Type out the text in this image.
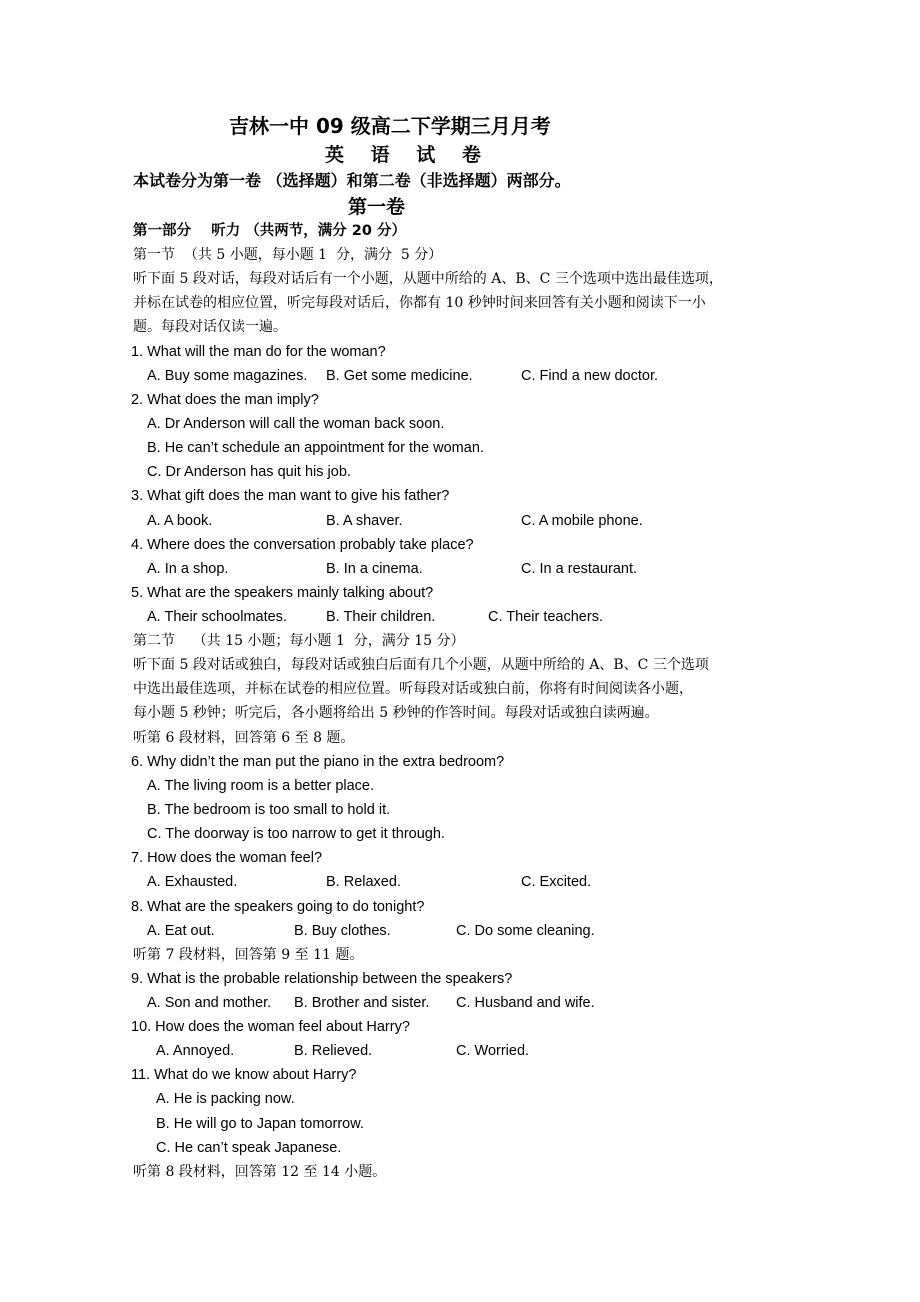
吉林一中 09 级高二下学期三月月考
英 语 试 卷
本试卷分为第一卷 （选择题）和第二卷（非选择题）两部分。
第一卷
第一部分    听力 （共两节，满分 20 分）
第一节  （共 5 小题，每小题 1  分，满分  5 分）
听下面 5 段对话，每段对话后有一个小题，从题中所给的 A、B、C 三个选项中选出最佳选项，
并标在试卷的相应位置，听完每段对话后，你都有 10 秒钟时间来回答有关小题和阅读下一小
题。每段对话仅读一遍。
1. What will the man do for the woman?
A. Buy some magazines. B. Get some medicine.	C. Find a new doctor.
2. What does the man imply?
A. Dr Anderson will call the woman back soon.
B. He can’t schedule an appointment for the woman.
C. Dr Anderson has quit his job.
3. What gift does the man want to give his father?
A. A book.	B. A shaver.	C. A mobile phone.
4. Where does the conversation probably take place?
A. In a shop.	B. In a cinema.	C. In a restaurant.
5. What are the speakers mainly talking about?
A. Their schoolmates.	B. Their children.	C. Their teachers.
第二节    （共 15 小题；每小题 1  分，满分 15 分）
听下面 5 段对话或独白，每段对话或独白后面有几个小题，从题中所给的 A、B、C 三个选项
中选出最佳选项，并标在试卷的相应位置。听每段对话或独白前，你将有时间阅读各小题，
每小题 5 秒钟；听完后，各小题将给出 5 秒钟的作答时间。每段对话或独白读两遍。
听第 6 段材料，回答第 6 至 8 题。
6. Why didn’t the man put the piano in the extra bedroom?
A. The living room is a better place.
B. The bedroom is too small to hold it.
C. The doorway is too narrow to get it through.
7. How does the woman feel?
A. Exhausted.	B. Relaxed.	C. Excited.
8. What are the speakers going to do tonight?
A. Eat out.	B. Buy clothes.	C. Do some cleaning.
听第 7 段材料，回答第 9 至 11 题。
9. What is the probable relationship between the speakers?
A. Son and mother. B. Brother and sister. C. Husband and wife.
10. How does the woman feel about Harry?
A. Annoyed.	B. Relieved.	C. Worried.
11. What do we know about Harry?
A. He is packing now.
B. He will go to Japan tomorrow.
C. He can’t speak Japanese.
听第 8 段材料，回答第 12 至 14 小题。
